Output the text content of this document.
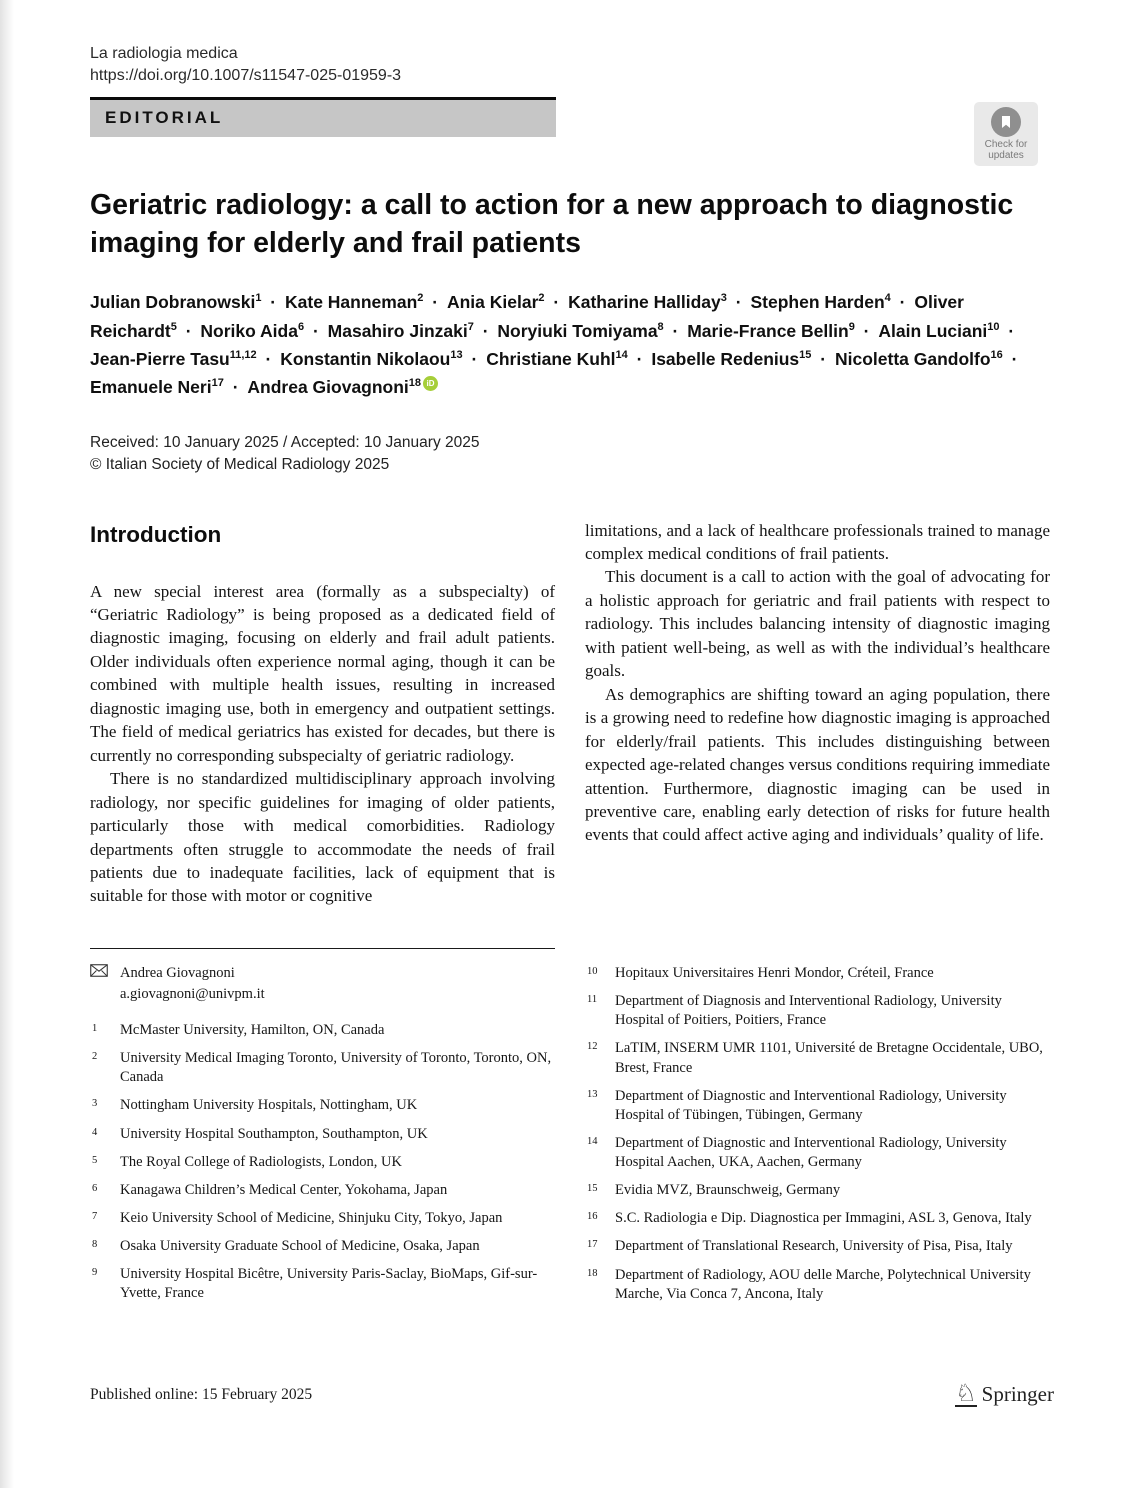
La radiologia medica
https://doi.org/10.1007/s11547-025-01959-3
EDITORIAL
Check for
updates
Geriatric radiology: a call to action for a new approach to diagnostic imaging for elderly and frail patients
Julian Dobranowski$^1$ · Kate Hanneman$^2$ · Ania Kielar$^2$ · Katharine Halliday$^3$ · Stephen Harden$^4$ · Oliver Reichardt$^5$ · Noriko Aida$^6$ · Masahiro Jinzaki$^7$ · Noryiuki Tomiyama$^8$ · Marie-France Bellin$^9$ · Alain Luciani$^{10}$ · Jean-Pierre Tasu$^{11,12}$ · Konstantin Nikolaou$^{13}$ · Christiane Kuhl$^{14}$ · Isabelle Redenius$^{15}$ · Nicoletta Gandolfo$^{16}$ · Emanuele Neri$^{17}$ · Andrea Giovagnoni$^{18}$ iD
Received: 10 January 2025 / Accepted: 10 January 2025
© Italian Society of Medical Radiology 2025
Introduction

A new special interest area (formally as a subspecialty) of “Geriatric Radiology” is being proposed as a dedicated field of diagnostic imaging, focusing on elderly and frail adult patients. Older individuals often experience normal aging, though it can be combined with multiple health issues, resulting in increased diagnostic imaging use, both in emergency and outpatient settings. The field of medical geriatrics has existed for decades, but there is currently no corresponding subspecialty of geriatric radiology.

There is no standardized multidisciplinary approach involving radiology, nor specific guidelines for imaging of older patients, particularly those with medical comorbidities. Radiology departments often struggle to accommodate the needs of frail patients due to inadequate facilities, lack of equipment that is suitable for those with motor or cognitive

limitations, and a lack of healthcare professionals trained to manage complex medical conditions of frail patients.

This document is a call to action with the goal of advocating for a holistic approach for geriatric and frail patients with respect to radiology. This includes balancing intensity of diagnostic imaging with patient well-being, as well as with the individual’s healthcare goals.

As demographics are shifting toward an aging population, there is a growing need to redefine how diagnostic imaging is approached for elderly/frail patients. This includes distinguishing between expected age-related changes versus conditions requiring immediate attention. Furthermore, diagnostic imaging can be used in preventive care, enabling early detection of risks for future health events that could affect active aging and individuals’ quality of life.

Andrea Giovagnoni
a.giovagnoni@univpm.it
1	McMaster University, Hamilton, ON, Canada
2	University Medical Imaging Toronto, University of Toronto, Toronto, ON, Canada
3	Nottingham University Hospitals, Nottingham, UK
4	University Hospital Southampton, Southampton, UK
5	The Royal College of Radiologists, London, UK
6	Kanagawa Children’s Medical Center, Yokohama, Japan
7	Keio University School of Medicine, Shinjuku City, Tokyo, Japan
8	Osaka University Graduate School of Medicine, Osaka, Japan
9	University Hospital Bicêtre, University Paris-Saclay, BioMaps, Gif-sur-Yvette, France
10	Hopitaux Universitaires Henri Mondor, Créteil, France
11	Department of Diagnosis and Interventional Radiology, University Hospital of Poitiers, Poitiers, France
12	LaTIM, INSERM UMR 1101, Université de Bretagne Occidentale, UBO, Brest, France
13	Department of Diagnostic and Interventional Radiology, University Hospital of Tübingen, Tübingen, Germany
14	Department of Diagnostic and Interventional Radiology, University Hospital Aachen, UKA, Aachen, Germany
15	Evidia MVZ, Braunschweig, Germany
16	S.C. Radiologia e Dip. Diagnostica per Immagini, ASL 3, Genova, Italy
17	Department of Translational Research, University of Pisa, Pisa, Italy
18	Department of Radiology, AOU delle Marche, Polytechnical University Marche, Via Conca 7, Ancona, Italy
Published online: 15 February 2025	♘ Springer
